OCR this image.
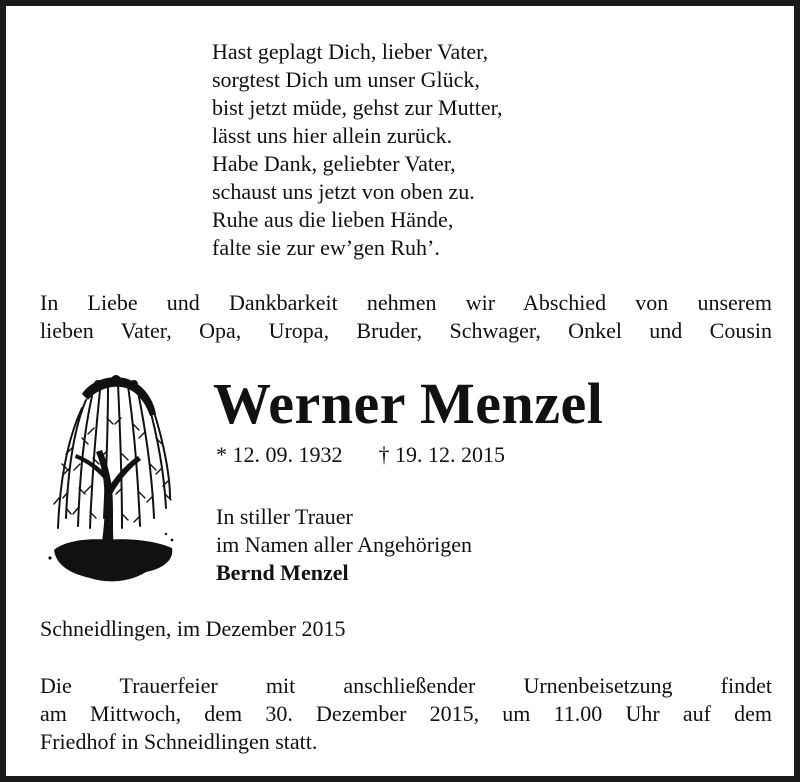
Hast geplagt Dich, lieber Vater,
sorgtest Dich um unser Glück,
bist jetzt müde, gehst zur Mutter,
lässt uns hier allein zurück.
Habe Dank, geliebter Vater,
schaust uns jetzt von oben zu.
Ruhe aus die lieben Hände,
falte sie zur ew’gen Ruh’.
In Liebe und Dankbarkeit nehmen wir Abschied von unserem
lieben Vater, Opa, Uropa, Bruder, Schwager, Onkel und Cousin
Werner Menzel
* 12. 09. 1932 † 19. 12. 2015
In stiller Trauer
im Namen aller Angehörigen
Bernd Menzel
Schneidlingen, im Dezember 2015
Die Trauerfeier mit anschließender Urnenbeisetzung findet
am Mittwoch, dem 30. Dezember 2015, um 11.00 Uhr auf dem
Friedhof in Schneidlingen statt.
